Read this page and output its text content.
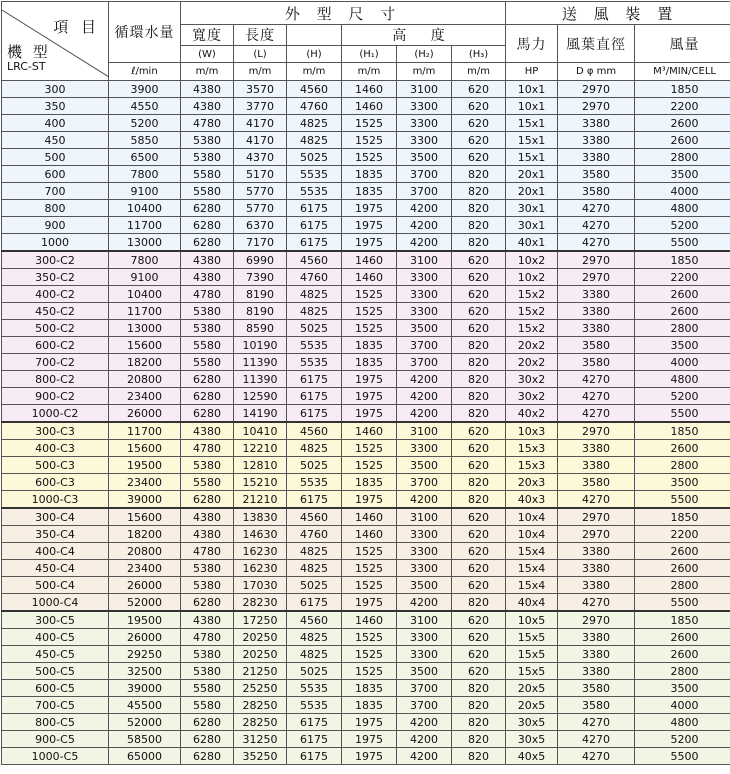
項 目
機 型
LRC-ST	循環水量	外 型 尺 寸						送 風 裝 置		
		寬度	長度		高 度			馬力	風葉直徑	風量
		(W)	(L)	(H)	(H₁)	(H₂)	(H₃)			
	ℓ/min	m/m	m/m	m/m	m/m	m/m	m/m	HP	D φ mm	M³/MIN/CELL
300	3900	4380	3570	4560	1460	3100	620	10x1	2970	1850
350	4550	4380	3770	4760	1460	3300	620	10x1	2970	2200
400	5200	4780	4170	4825	1525	3300	620	15x1	3380	2600
450	5850	5380	4170	4825	1525	3300	620	15x1	3380	2600
500	6500	5380	4370	5025	1525	3500	620	15x1	3380	2800
600	7800	5580	5170	5535	1835	3700	820	20x1	3580	3500
700	9100	5580	5770	5535	1835	3700	820	20x1	3580	4000
800	10400	6280	5770	6175	1975	4200	820	30x1	4270	4800
900	11700	6280	6370	6175	1975	4200	820	30x1	4270	5200
1000	13000	6280	7170	6175	1975	4200	820	40x1	4270	5500
300-C2	7800	4380	6990	4560	1460	3100	620	10x2	2970	1850
350-C2	9100	4380	7390	4760	1460	3300	620	10x2	2970	2200
400-C2	10400	4780	8190	4825	1525	3300	620	15x2	3380	2600
450-C2	11700	5380	8190	4825	1525	3300	620	15x2	3380	2600
500-C2	13000	5380	8590	5025	1525	3500	620	15x2	3380	2800
600-C2	15600	5580	10190	5535	1835	3700	820	20x2	3580	3500
700-C2	18200	5580	11390	5535	1835	3700	820	20x2	3580	4000
800-C2	20800	6280	11390	6175	1975	4200	820	30x2	4270	4800
900-C2	23400	6280	12590	6175	1975	4200	820	30x2	4270	5200
1000-C2	26000	6280	14190	6175	1975	4200	820	40x2	4270	5500
300-C3	11700	4380	10410	4560	1460	3100	620	10x3	2970	1850
400-C3	15600	4780	12210	4825	1525	3300	620	15x3	3380	2600
500-C3	19500	5380	12810	5025	1525	3500	620	15x3	3380	2800
600-C3	23400	5580	15210	5535	1835	3700	820	20x3	3580	3500
1000-C3	39000	6280	21210	6175	1975	4200	820	40x3	4270	5500
300-C4	15600	4380	13830	4560	1460	3100	620	10x4	2970	1850
350-C4	18200	4380	14630	4760	1460	3300	620	10x4	2970	2200
400-C4	20800	4780	16230	4825	1525	3300	620	15x4	3380	2600
450-C4	23400	5380	16230	4825	1525	3300	620	15x4	3380	2600
500-C4	26000	5380	17030	5025	1525	3500	620	15x4	3380	2800
1000-C4	52000	6280	28230	6175	1975	4200	820	40x4	4270	5500
300-C5	19500	4380	17250	4560	1460	3100	620	10x5	2970	1850
400-C5	26000	4780	20250	4825	1525	3300	620	15x5	3380	2600
450-C5	29250	5380	20250	4825	1525	3300	620	15x5	3380	2600
500-C5	32500	5380	21250	5025	1525	3500	620	15x5	3380	2800
600-C5	39000	5580	25250	5535	1835	3700	820	20x5	3580	3500
700-C5	45500	5580	28250	5535	1835	3700	820	20x5	3580	4000
800-C5	52000	6280	28250	6175	1975	4200	820	30x5	4270	4800
900-C5	58500	6280	31250	6175	1975	4200	820	30x5	4270	5200
1000-C5	65000	6280	35250	6175	1975	4200	820	40x5	4270	5500
